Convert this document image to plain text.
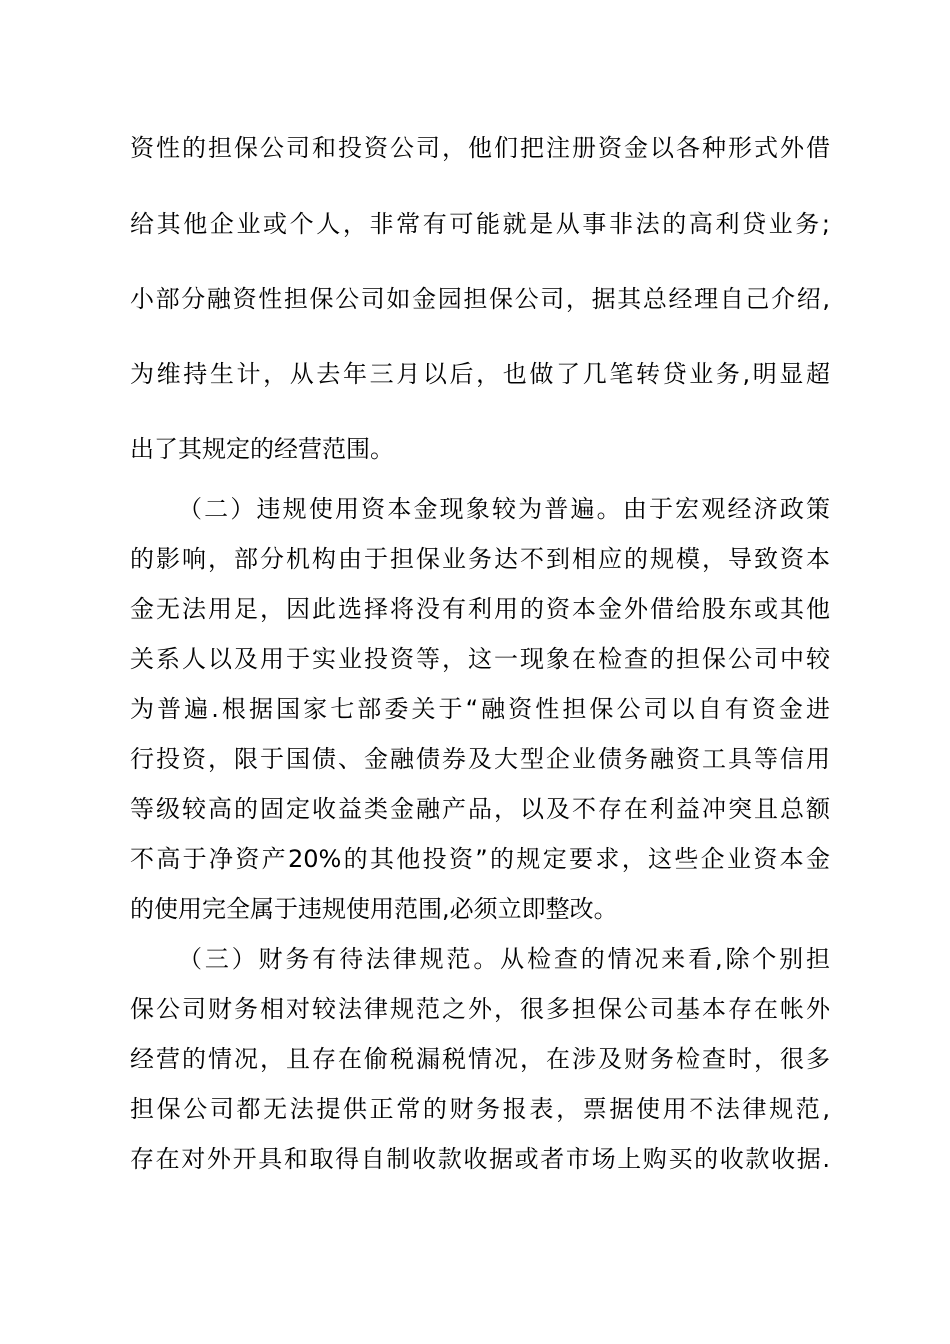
资性的担保公司和投资公司，他们把注册资金以各种形式外借
给其他企业或个人，非常有可能就是从事非法的高利贷业务;
小部分融资性担保公司如金园担保公司，据其总经理自己介绍,
为维持生计，从去年三月以后，也做了几笔转贷业务,明显超
出了其规定的经营范围。
（二）违规使用资本金现象较为普遍。由于宏观经济政策
的影响，部分机构由于担保业务达不到相应的规模，导致资本
金无法用足，因此选择将没有利用的资本金外借给股东或其他
关系人以及用于实业投资等，这一现象在检查的担保公司中较
为普遍.根据国家七部委关于“融资性担保公司以自有资金进
行投资，限于国债、金融债券及大型企业债务融资工具等信用
等级较高的固定收益类金融产品，以及不存在利益冲突且总额
不高于净资产20%的其他投资”的规定要求，这些企业资本金
的使用完全属于违规使用范围,必须立即整改。
（三）财务有待法律规范。从检查的情况来看,除个别担
保公司财务相对较法律规范之外，很多担保公司基本存在帐外
经营的情况，且存在偷税漏税情况，在涉及财务检查时，很多
担保公司都无法提供正常的财务报表，票据使用不法律规范,
存在对外开具和取得自制收款收据或者市场上购买的收款收据.
